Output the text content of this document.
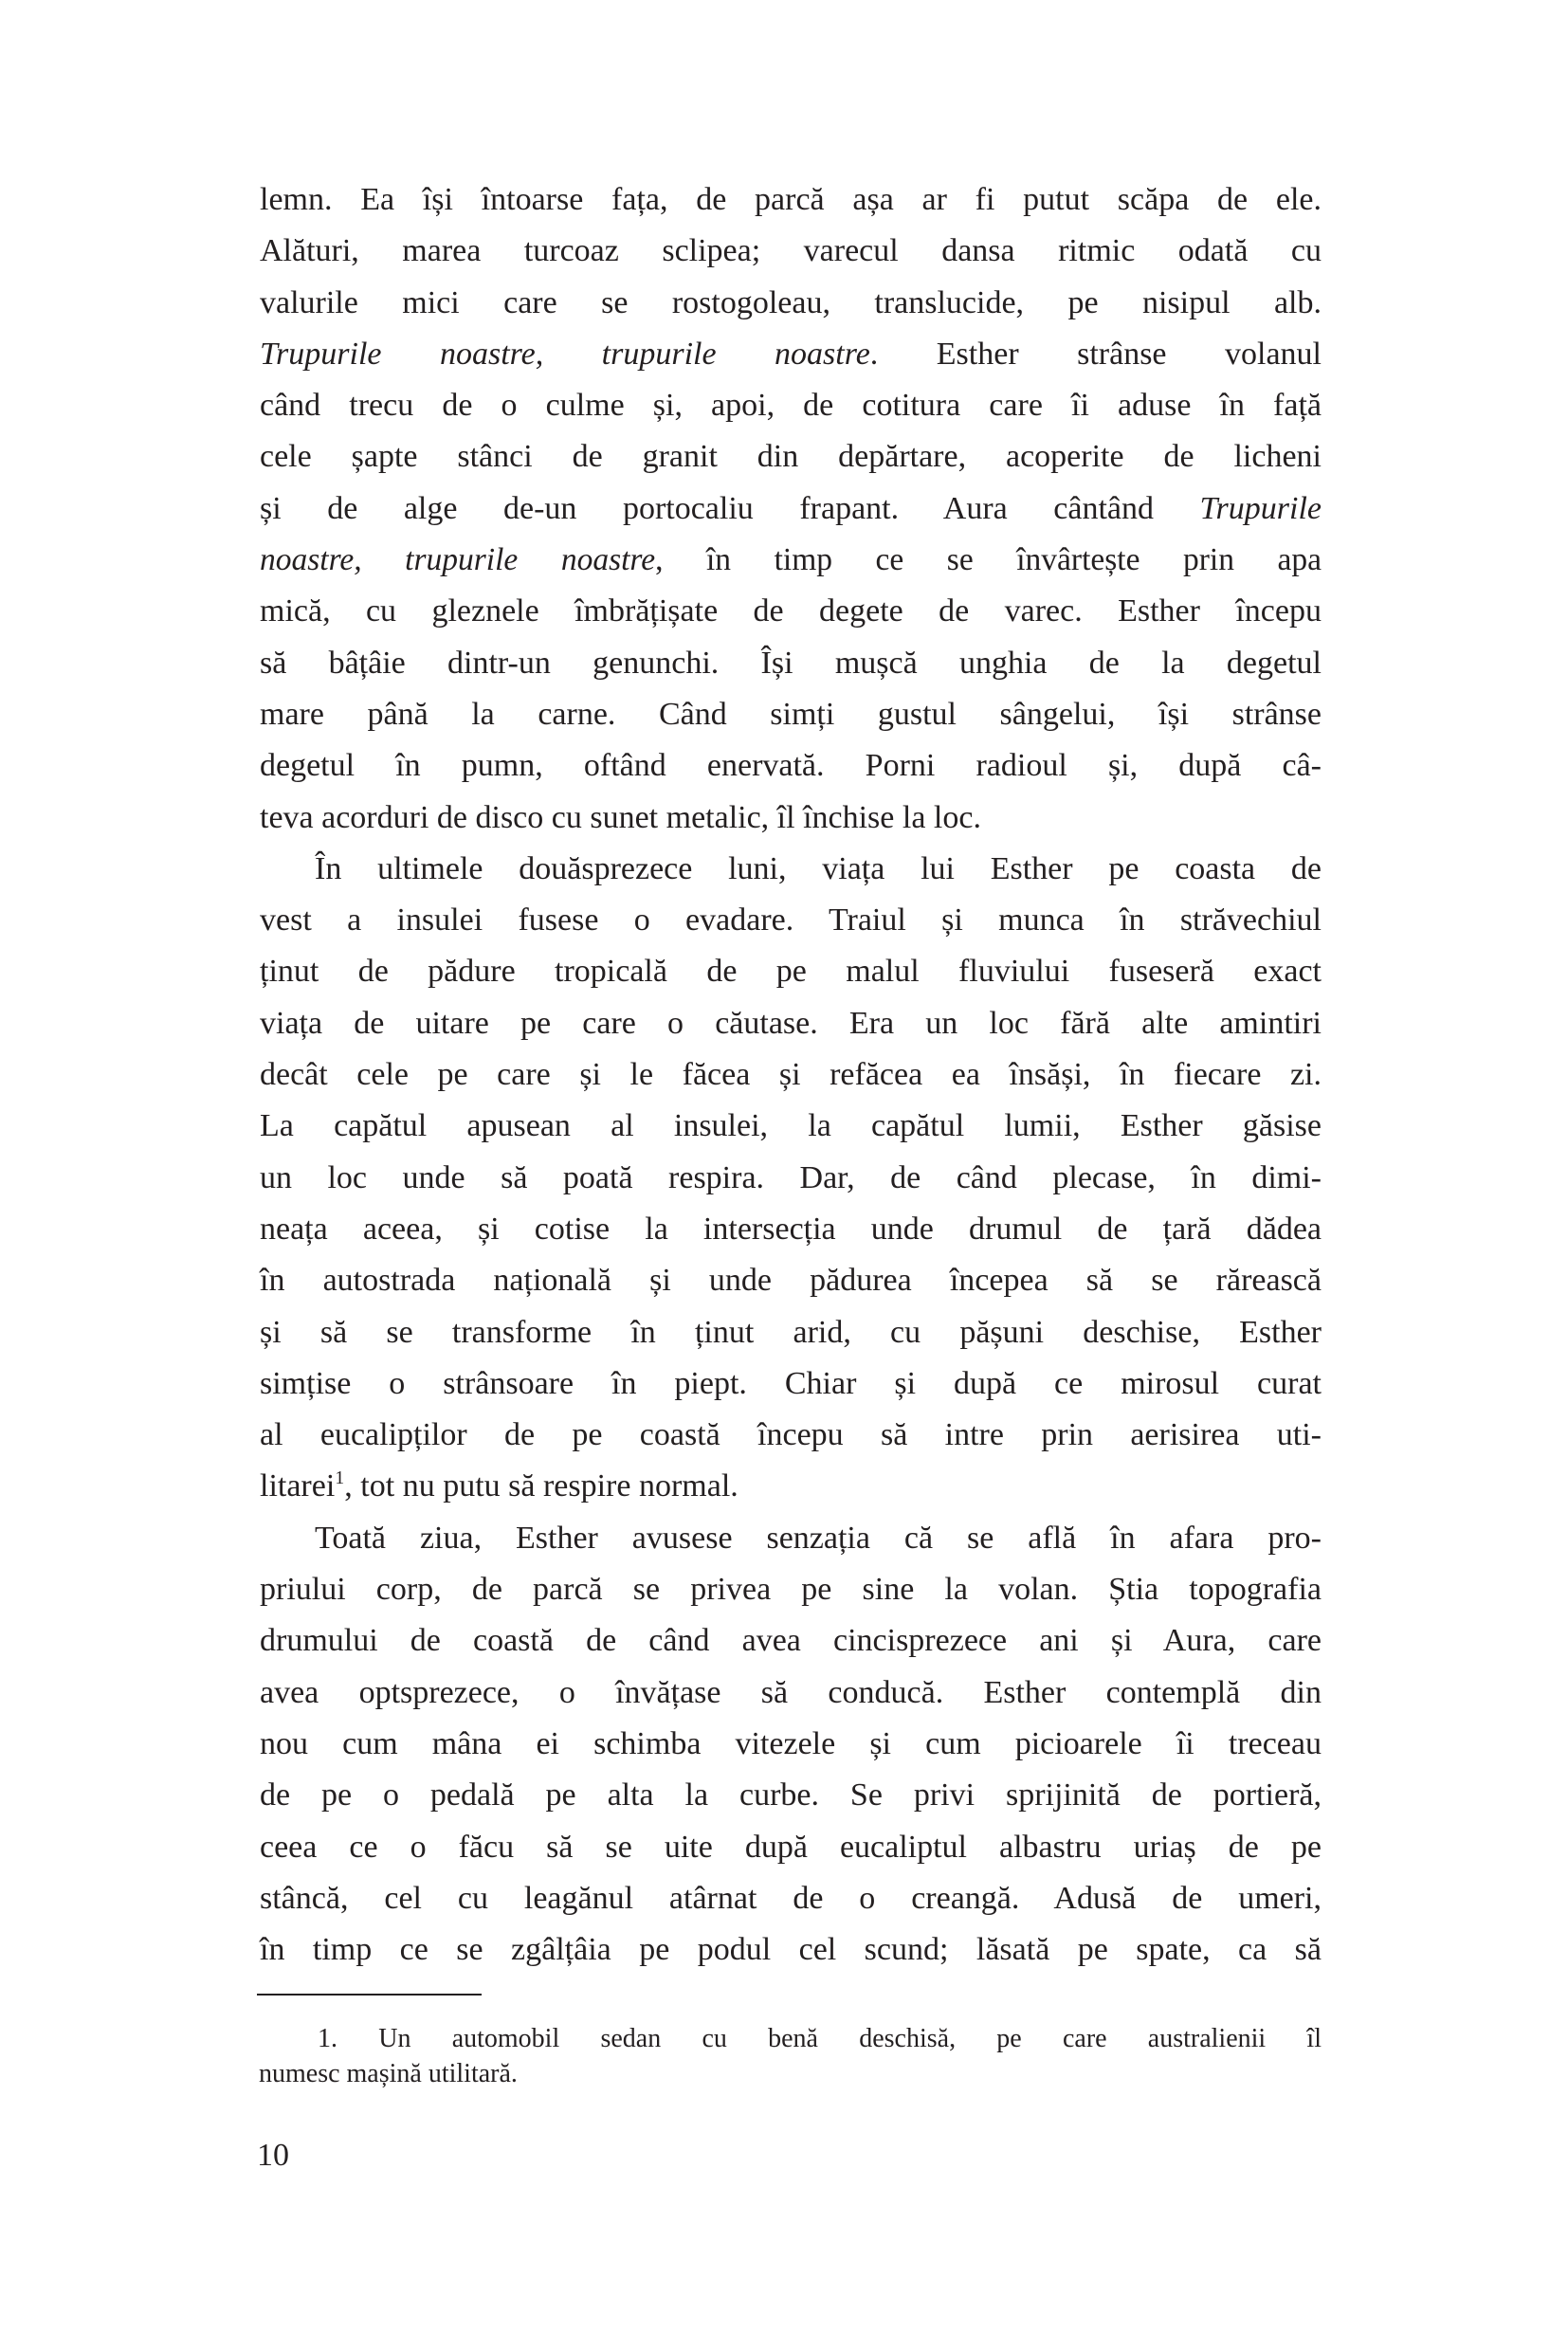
lemn. Ea își întoarse fața, de parcă așa ar fi putut scăpa de ele.
Alături, marea turcoaz sclipea; varecul dansa ritmic odată cu
valurile mici care se rostogoleau, translucide, pe nisipul alb.
Trupurile noastre, trupurile noastre. Esther strânse volanul
când trecu de o culme și, apoi, de cotitura care îi aduse în față
cele șapte stânci de granit din depărtare, acoperite de licheni
și de alge de-un portocaliu frapant. Aura cântând Trupurile
noastre, trupurile noastre, în timp ce se învârtește prin apa
mică, cu gleznele îmbrățișate de degete de varec. Esther începu
să bâțâie dintr-un genunchi. Își mușcă unghia de la degetul
mare până la carne. Când simți gustul sângelui, își strânse
degetul în pumn, oftând enervată. Porni radioul și, după câ-
teva acorduri de disco cu sunet metalic, îl închise la loc.
În ultimele douăsprezece luni, viața lui Esther pe coasta de
vest a insulei fusese o evadare. Traiul și munca în străvechiul
ținut de pădure tropicală de pe malul fluviului fuseseră exact
viața de uitare pe care o căutase. Era un loc fără alte amintiri
decât cele pe care și le făcea și refăcea ea însăși, în fiecare zi.
La capătul apusean al insulei, la capătul lumii, Esther găsise
un loc unde să poată respira. Dar, de când plecase, în dimi-
neața aceea, și cotise la intersecția unde drumul de țară dădea
în autostrada națională și unde pădurea începea să se rărească
și să se transforme în ținut arid, cu pășuni deschise, Esther
simțise o strânsoare în piept. Chiar și după ce mirosul curat
al eucalipților de pe coastă începu să intre prin aerisirea uti-
litarei$^1$, tot nu putu să respire normal.
Toată ziua, Esther avusese senzația că se află în afara pro-
priului corp, de parcă se privea pe sine la volan. Știa topografia
drumului de coastă de când avea cincisprezece ani și Aura, care
avea optsprezece, o învățase să conducă. Esther contemplă din
nou cum mâna ei schimba vitezele și cum picioarele îi treceau
de pe o pedală pe alta la curbe. Se privi sprijinită de portieră,
ceea ce o făcu să se uite după eucaliptul albastru uriaș de pe
stâncă, cel cu leagănul atârnat de o creangă. Adusă de umeri,
în timp ce se zgâlțâia pe podul cel scund; lăsată pe spate, ca să
1. Un automobil sedan cu benă deschisă, pe care australienii îl
numesc mașină utilitară.
10
